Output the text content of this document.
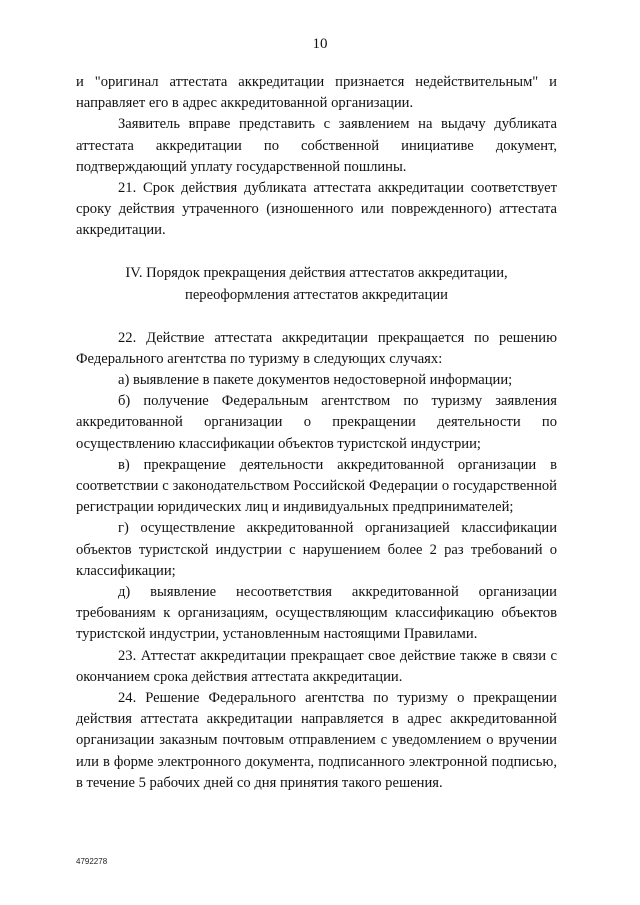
10

и "оригинал аттестата аккредитации признается недействительным" и направляет его в адрес аккредитованной организации.

Заявитель вправе представить с заявлением на выдачу дубликата аттестата аккредитации по собственной инициативе документ, подтверждающий уплату государственной пошлины.

21. Срок действия дубликата аттестата аккредитации соответствует сроку действия утраченного (изношенного или поврежденного) аттестата аккредитации.

IV. Порядок прекращения действия аттестатов аккредитации,
переоформления аттестатов аккредитации

22. Действие аттестата аккредитации прекращается по решению Федерального агентства по туризму в следующих случаях:

а) выявление в пакете документов недостоверной информации;

б) получение Федеральным агентством по туризму заявления аккредитованной организации о прекращении деятельности по осуществлению классификации объектов туристской индустрии;

в) прекращение деятельности аккредитованной организации в соответствии с законодательством Российской Федерации о государственной регистрации юридических лиц и индивидуальных предпринимателей;

г) осуществление аккредитованной организацией классификации объектов туристской индустрии с нарушением более 2 раз требований о классификации;

д) выявление несоответствия аккредитованной организации требованиям к организациям, осуществляющим классификацию объектов туристской индустрии, установленным настоящими Правилами.

23. Аттестат аккредитации прекращает свое действие также в связи с окончанием срока действия аттестата аккредитации.

24. Решение Федерального агентства по туризму о прекращении действия аттестата аккредитации направляется в адрес аккредитованной организации заказным почтовым отправлением с уведомлением о вручении или в форме электронного документа, подписанного электронной подписью, в течение 5 рабочих дней со дня принятия такого решения.

4792278
